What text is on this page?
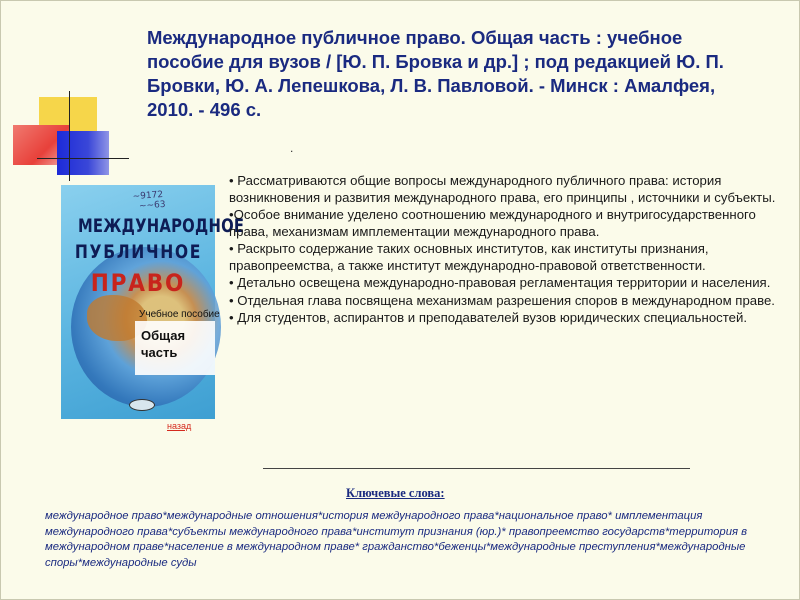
Международное публичное право. Общая часть : учебное пособие для вузов / [Ю. П. Бровка и др.] ; под редакцией Ю. П. Бровки, Ю. А. Лепешкова, Л. В. Павловой. - Минск : Амалфея, 2010. - 496 с.
.
~9172
~~63
МЕЖДУНАРОДНОЕ
ПУБЛИЧНОЕ
ПРАВО
Учебное пособие
Общая часть
назад
• Рассматриваются общие вопросы международного публичного права: история возникновения и развития международного права, его принципы , источники и субъекты.
•Особое внимание уделено соотношению международного и внутригосударственного права, механизмам имплементации международного права.
• Раскрыто содержание таких основных институтов, как институты признания, правопреемства, а также институт международно-правовой ответственности.
• Детально освещена международно-правовая регламентация территории и населения.
• Отдельная глава посвящена механизмам разрешения споров в международном праве.
• Для студентов, аспирантов и преподавателей вузов юридических специальностей.
Ключевые слова:

международное право*международные отношения*история международного права*национальное право* имплементация международного права*субъекты международного права*институт признания (юр.)* правопреемство государств*территория в международном праве*население в международном праве* гражданство*беженцы*международные преступления*международные споры*международные суды
